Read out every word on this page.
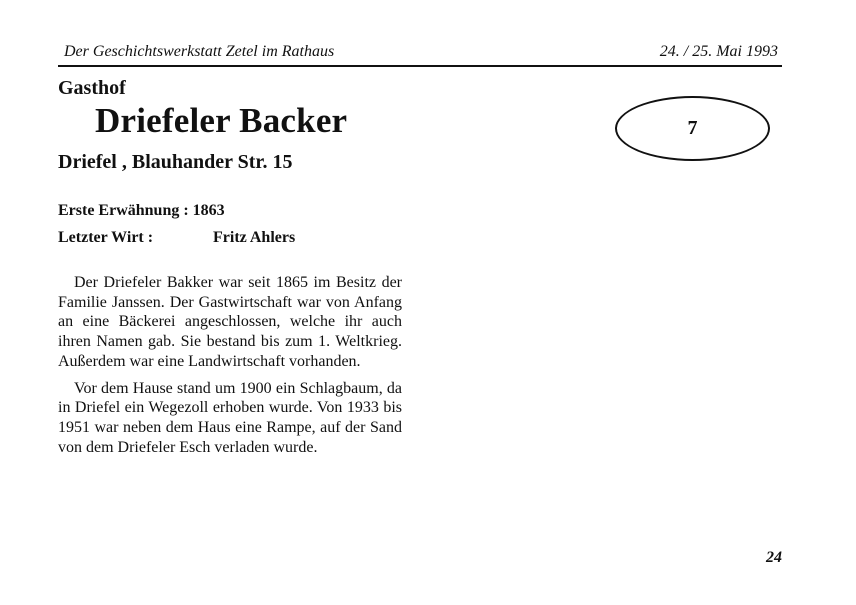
Der Geschichtswerkstatt Zetel im Rathaus	24. / 25. Mai 1993
Gasthof
Driefeler Backer
Driefel , Blauhander Str. 15
7
Erste Erwähnung : 1863
Letzter Wirt :	Fritz Ahlers

Der Driefeler Bakker war seit 1865 im Besitz der Familie Janssen. Der Gastwirtschaft war von Anfang an eine Bäckerei angeschlossen, welche ihr auch ihren Namen gab. Sie bestand bis zum 1. Weltkrieg. Außerdem war eine Landwirtschaft vorhanden.

Vor dem Hause stand um 1900 ein Schlagbaum, da in Driefel ein Wegezoll erhoben wurde. Von 1933 bis 1951 war neben dem Haus eine Rampe, auf der Sand von dem Driefeler Esch verladen wurde.

24
